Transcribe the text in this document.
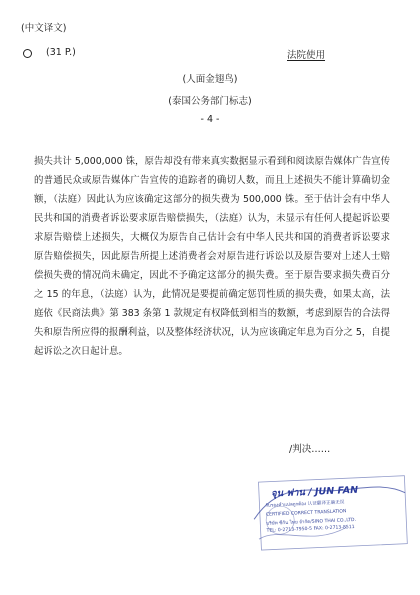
(中文译文)
(31 P.)	法院使用
(人面金翅鸟)
(泰国公务部门标志)
- 4 -
损失共计 5,000,000 铢，原告却没有带来真实数据显示看到和阅读原告媒体广告宣传的普通民众或原告媒体广告宣传的追踪者的确切人数，而且上述损失不能计算确切金额，（法庭）因此认为应该确定这部分的损失费为 500,000 铢。至于估计会有中华人民共和国的消费者诉讼要求原告赔偿损失，（法庭）认为，未显示有任何人提起诉讼要求原告赔偿上述损失，大概仅为原告自己估计会有中华人民共和国的消费者诉讼要求原告赔偿损失，因此原告所提上述消费者会对原告进行诉讼以及原告要对上述人士赔偿损失费的情况尚未确定，因此不予确定这部分的损失费。至于原告要求损失费百分之 15 的年息，（法庭）认为，此情况是要提前确定惩罚性质的损失费，如果太高，法庭依《民商法典》第 383 条第 1 款规定有权降低到相当的数额，考虑到原告的合法得失和原告所应得的报酬利益，以及整体经济状况，认为应该确定年息为百分之 5，自提起诉讼之次日起计息。
/判决……
จุน ฟาน / JUN FAN
รับรองคำแปลถูกต้อง 认证翻译正确无误
CERTIFIED CORRECT TRANSLATION
บริษัท ซีกัน ไทย จำกัด/SINO THAI CO.,LTD.
TEL: 0-2713-7950-5 FAX: 0-2713-8511
